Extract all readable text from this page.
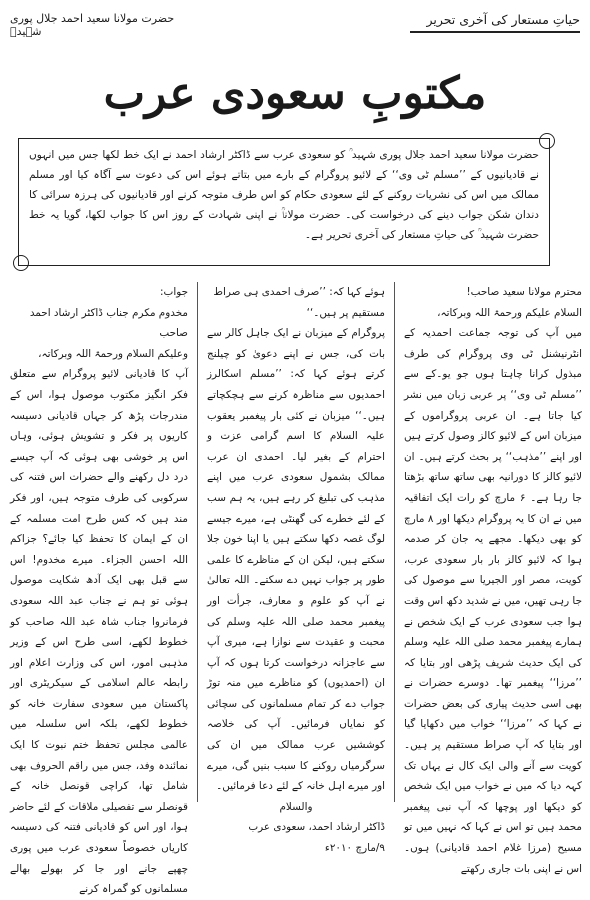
حیاتِ مستعار کی آخری تحریر
حضرت مولانا سعید احمد جلال پوری شہیدؒ
مکتوبِ سعودی عرب
حضرت مولانا سعید احمد جلال پوری شہید ؒ کو سعودی عرب سے ڈاکٹر ارشاد احمد نے ایک خط لکھا جس میں انہوں نے قادیانیوں کے ’’مسلم ٹی وی‘‘ کے لائیو پروگرام کے بارے میں بتاتے ہوئے اس کی دعوت سے آگاہ کیا اور مسلم ممالک میں اس کی نشریات روکنے کے لئے سعودی حکام کو اس طرف متوجہ کرنے اور قادیانیوں کی ہرزہ سرائی کا دندان شکن جواب دینے کی درخواست کی۔ حضرت مولاناؒ نے اپنی شہادت کے روز اس کا جواب لکھا، گویا یہ خط حضرت شہید ؒ کی حیاتِ مستعار کی آخری تحریر ہے۔
محترم مولانا سعید صاحب!
السلام علیکم ورحمۃ اللہ وبرکاتہ،

میں آپ کی توجہ جماعت احمدیہ کے انٹرنیشنل ٹی وی پروگرام کی طرف مبذول کرانا چاہتا ہوں جو یو۔کے سے ’’مسلم ٹی وی‘‘ پر عربی زبان میں نشر کیا جاتا ہے۔ ان عربی پروگراموں کے میزبان اس کے لائیو کالز وصول کرتے ہیں اور اپنے ’’مذہب‘‘ پر بحث کرتے ہیں۔ ان لائیو کالز کا دورانیہ بھی ساتھ ساتھ بڑھتا جا رہا ہے۔ ۶ مارچ کو رات ایک اتفاقیہ میں نے ان کا یہ پروگرام دیکھا اور ۸ مارچ کو بھی دیکھا۔ مجھے یہ جان کر صدمہ ہوا کہ لائیو کالز بار بار سعودی عرب، کویت، مصر اور الجیریا سے موصول کی جا رہی تھیں، میں نے شدید دکھ اس وقت ہوا جب سعودی عرب کے ایک شخص نے ہمارے پیغمبر محمد صلی اللہ علیہ وسلم کی ایک حدیث شریف پڑھی اور بتایا کہ ’’مرزا‘‘ پیغمبر تھا۔ دوسرے حضرات نے بھی اسی حدیث پیاری کی بعض حضرات نے کہا کہ ’’مرزا‘‘ خواب میں دکھایا گیا اور بتایا کہ آپ صراط مستقیم پر ہیں۔ کویت سے آنے والی ایک کال نے یہاں تک کہہ دیا کہ میں نے خواب میں ایک شخص کو دیکھا اور پوچھا کہ آپ نبی پیغمبر محمد ہیں تو اس نے کہا کہ نہیں میں تو مسیح (مرزا غلام احمد قادیانی) ہوں۔ اس نے اپنی بات جاری رکھتے

ہوئے کہا کہ: ’’صرف احمدی ہی صراط مستقیم پر ہیں۔‘‘

پروگرام کے میزبان نے ایک جاہل کالر سے بات کی، جس نے اپنے دعویٰ کو چیلنج کرتے ہوئے کہا کہ: ’’مسلم اسکالرز احمدیوں سے مناظرہ کرنے سے ہچکچاتے ہیں۔‘‘ میزبان نے کئی بار پیغمبر یعقوب علیہ السلام کا اسم گرامی عزت و احترام کے بغیر لیا۔ احمدی ان عرب ممالک بشمول سعودی عرب میں اپنے مذہب کی تبلیغ کر رہے ہیں، یہ ہم سب کے لئے خطرے کی گھنٹی ہے، میرے جیسے لوگ غصہ دکھا سکتے ہیں یا اپنا خون جلا سکتے ہیں، لیکن ان کے مناظرے کا علمی طور پر جواب نہیں دے سکتے۔ اللہ تعالیٰ نے آپ کو علوم و معارف، جرأت اور پیغمبر محمد صلی اللہ علیہ وسلم کی محبت و عقیدت سے نوازا ہے، میری آپ سے عاجزانہ درخواست کرتا ہوں کہ آپ ان (احمدیوں) کو مناظرے میں منہ توڑ جواب دے کر تمام مسلمانوں کی سچائی کو نمایاں فرمائیں۔ آپ کی خلاصہ کوششیں عرب ممالک میں ان کی سرگرمیاں روکنے کا سبب بنیں گی، میرے اور میرے اہل خانہ کے لئے دعا فرمائیں۔

والسلام
ڈاکٹر ارشاد احمد، سعودی عرب
۹/مارچ ۲۰۱۰ء
جواب:
مخدوم مکرم جناب ڈاکٹر ارشاد احمد صاحب
وعلیکم السلام ورحمۃ اللہ وبرکاتہ،

آپ کا قادیانی لائیو پروگرام سے متعلق فکر انگیز مکتوب موصول ہوا، اس کے مندرجات پڑھ کر جہاں قادیانی دسیسہ کاریوں پر فکر و تشویش ہوئی، وہاں اس پر خوشی بھی ہوئی کہ آپ جیسے درد دل رکھنے والے حضرات اس فتنہ کی سرکوبی کی طرف متوجہ ہیں، اور فکر مند ہیں کہ کس طرح امت مسلمہ کے ان کے ایمان کا تحفظ کیا جائے؟ جزاکم اللہ احسن الجزاء۔ میرے مخدوم! اس سے قبل بھی ایک آدھ شکایت موصول ہوئی تو ہم نے جناب عبد اللہ سعودی فرمانروا جناب شاہ عبد اللہ صاحب کو خطوط لکھے، اسی طرح اس کے وزیر مذہبی امور، اس کی وزارت اعلام اور رابطہ عالم اسلامی کے سیکریٹری اور پاکستان میں سعودی سفارت خانہ کو خطوط لکھے، بلکہ اس سلسلہ میں عالمی مجلس تحفظ ختم نبوت کا ایک نمائندہ وفد، جس میں راقم الحروف بھی شامل تھا، کراچی قونصل خانہ کے قونصلر سے تفصیلی ملاقات کے لئے حاضر ہوا، اور اس کو قادیانی فتنہ کی دسیسہ کاریاں خصوصاً سعودی عرب میں پوری چھپے جانے اور جا کر بھولے بھالے مسلمانوں کو گمراہ کرنے
